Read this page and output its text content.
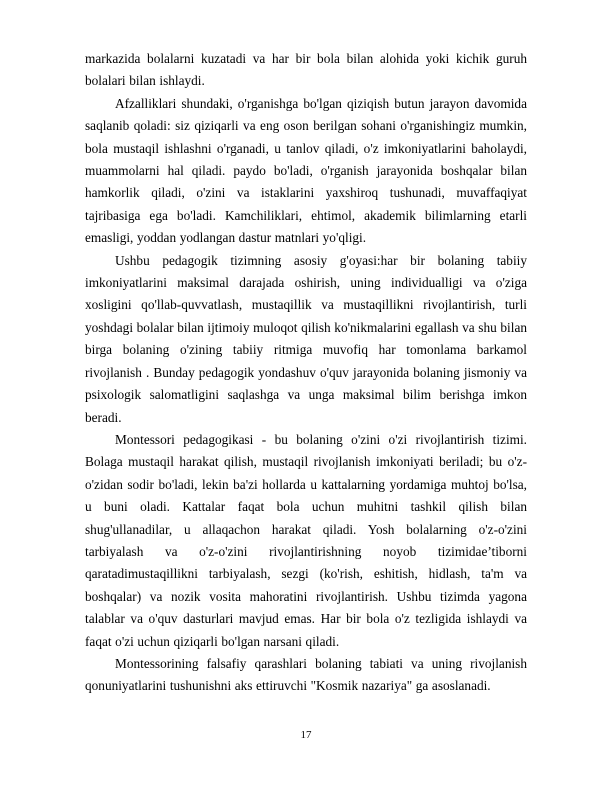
markazida bolalarni kuzatadi va har bir bola bilan alohida yoki kichik guruh bolalari bilan ishlaydi.

Afzalliklari shundaki, o'rganishga bo'lgan qiziqish butun jarayon davomida saqlanib qoladi: siz qiziqarli va eng oson berilgan sohani o'rganishingiz mumkin, bola mustaqil ishlashni o'rganadi, u tanlov qiladi, o'z imkoniyatlarini baholaydi, muammolarni hal qiladi. paydo bo'ladi, o'rganish jarayonida boshqalar bilan hamkorlik qiladi, o'zini va istaklarini yaxshiroq tushunadi, muvaffaqiyat tajribasiga ega bo'ladi. Kamchiliklari, ehtimol, akademik bilimlarning etarli emasligi, yoddan yodlangan dastur matnlari yo'qligi.

Ushbu pedagogik tizimning asosiy g'oyasi:har bir bolaning tabiiy imkoniyatlarini maksimal darajada oshirish, uning individualligi va o'ziga xosligini qo'llab-quvvatlash, mustaqillik va mustaqillikni rivojlantirish, turli yoshdagi bolalar bilan ijtimoiy muloqot qilish ko'nikmalarini egallash va shu bilan birga bolaning o'zining tabiiy ritmiga muvofiq har tomonlama barkamol rivojlanish . Bunday pedagogik yondashuv o'quv jarayonida bolaning jismoniy va psixologik salomatligini saqlashga va unga maksimal bilim berishga imkon beradi.

Montessori pedagogikasi - bu bolaning o'zini o'zi rivojlantirish tizimi. Bolaga mustaqil harakat qilish, mustaqil rivojlanish imkoniyati beriladi; bu o'z-o'zidan sodir bo'ladi, lekin ba'zi hollarda u kattalarning yordamiga muhtoj bo'lsa, u buni oladi. Kattalar faqat bola uchun muhitni tashkil qilish bilan shug'ullanadilar, u allaqachon harakat qiladi. Yosh bolalarning o'z-o'zini tarbiyalash va o'z-o'zini rivojlantirishning noyob tizimidae’tiborni qaratadimustaqillikni tarbiyalash, sezgi (ko'rish, eshitish, hidlash, ta'm va boshqalar) va nozik vosita mahoratini rivojlantirish. Ushbu tizimda yagona talablar va o'quv dasturlari mavjud emas. Har bir bola o'z tezligida ishlaydi va faqat o'zi uchun qiziqarli bo'lgan narsani qiladi.

Montessorining falsafiy qarashlari bolaning tabiati va uning rivojlanish qonuniyatlarini tushunishni aks ettiruvchi "Kosmik nazariya" ga asoslanadi.

17
